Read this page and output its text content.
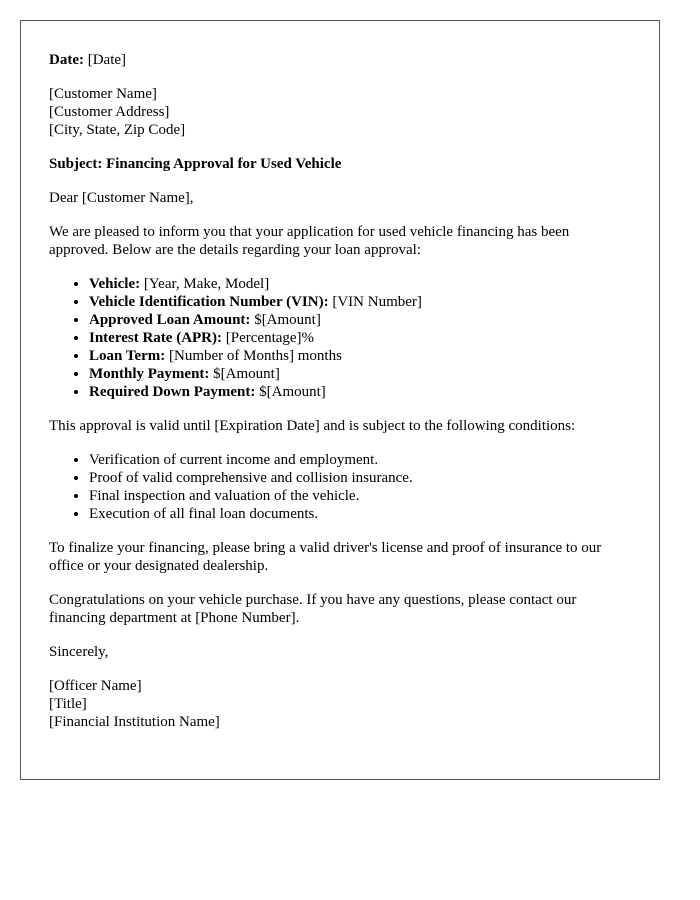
Date: [Date]

[Customer Name]
[Customer Address]
[City, State, Zip Code]

Subject: Financing Approval for Used Vehicle

Dear [Customer Name],

We are pleased to inform you that your application for used vehicle financing has been approved. Below are the details regarding your loan approval:

• Vehicle: [Year, Make, Model]
• Vehicle Identification Number (VIN): [VIN Number]
• Approved Loan Amount: $[Amount]
• Interest Rate (APR): [Percentage]%
• Loan Term: [Number of Months] months
• Monthly Payment: $[Amount]
• Required Down Payment: $[Amount]

This approval is valid until [Expiration Date] and is subject to the following conditions:

• Verification of current income and employment.
• Proof of valid comprehensive and collision insurance.
• Final inspection and valuation of the vehicle.
• Execution of all final loan documents.

To finalize your financing, please bring a valid driver's license and proof of insurance to our office or your designated dealership.

Congratulations on your vehicle purchase. If you have any questions, please contact our financing department at [Phone Number].

Sincerely,

[Officer Name]
[Title]
[Financial Institution Name]
